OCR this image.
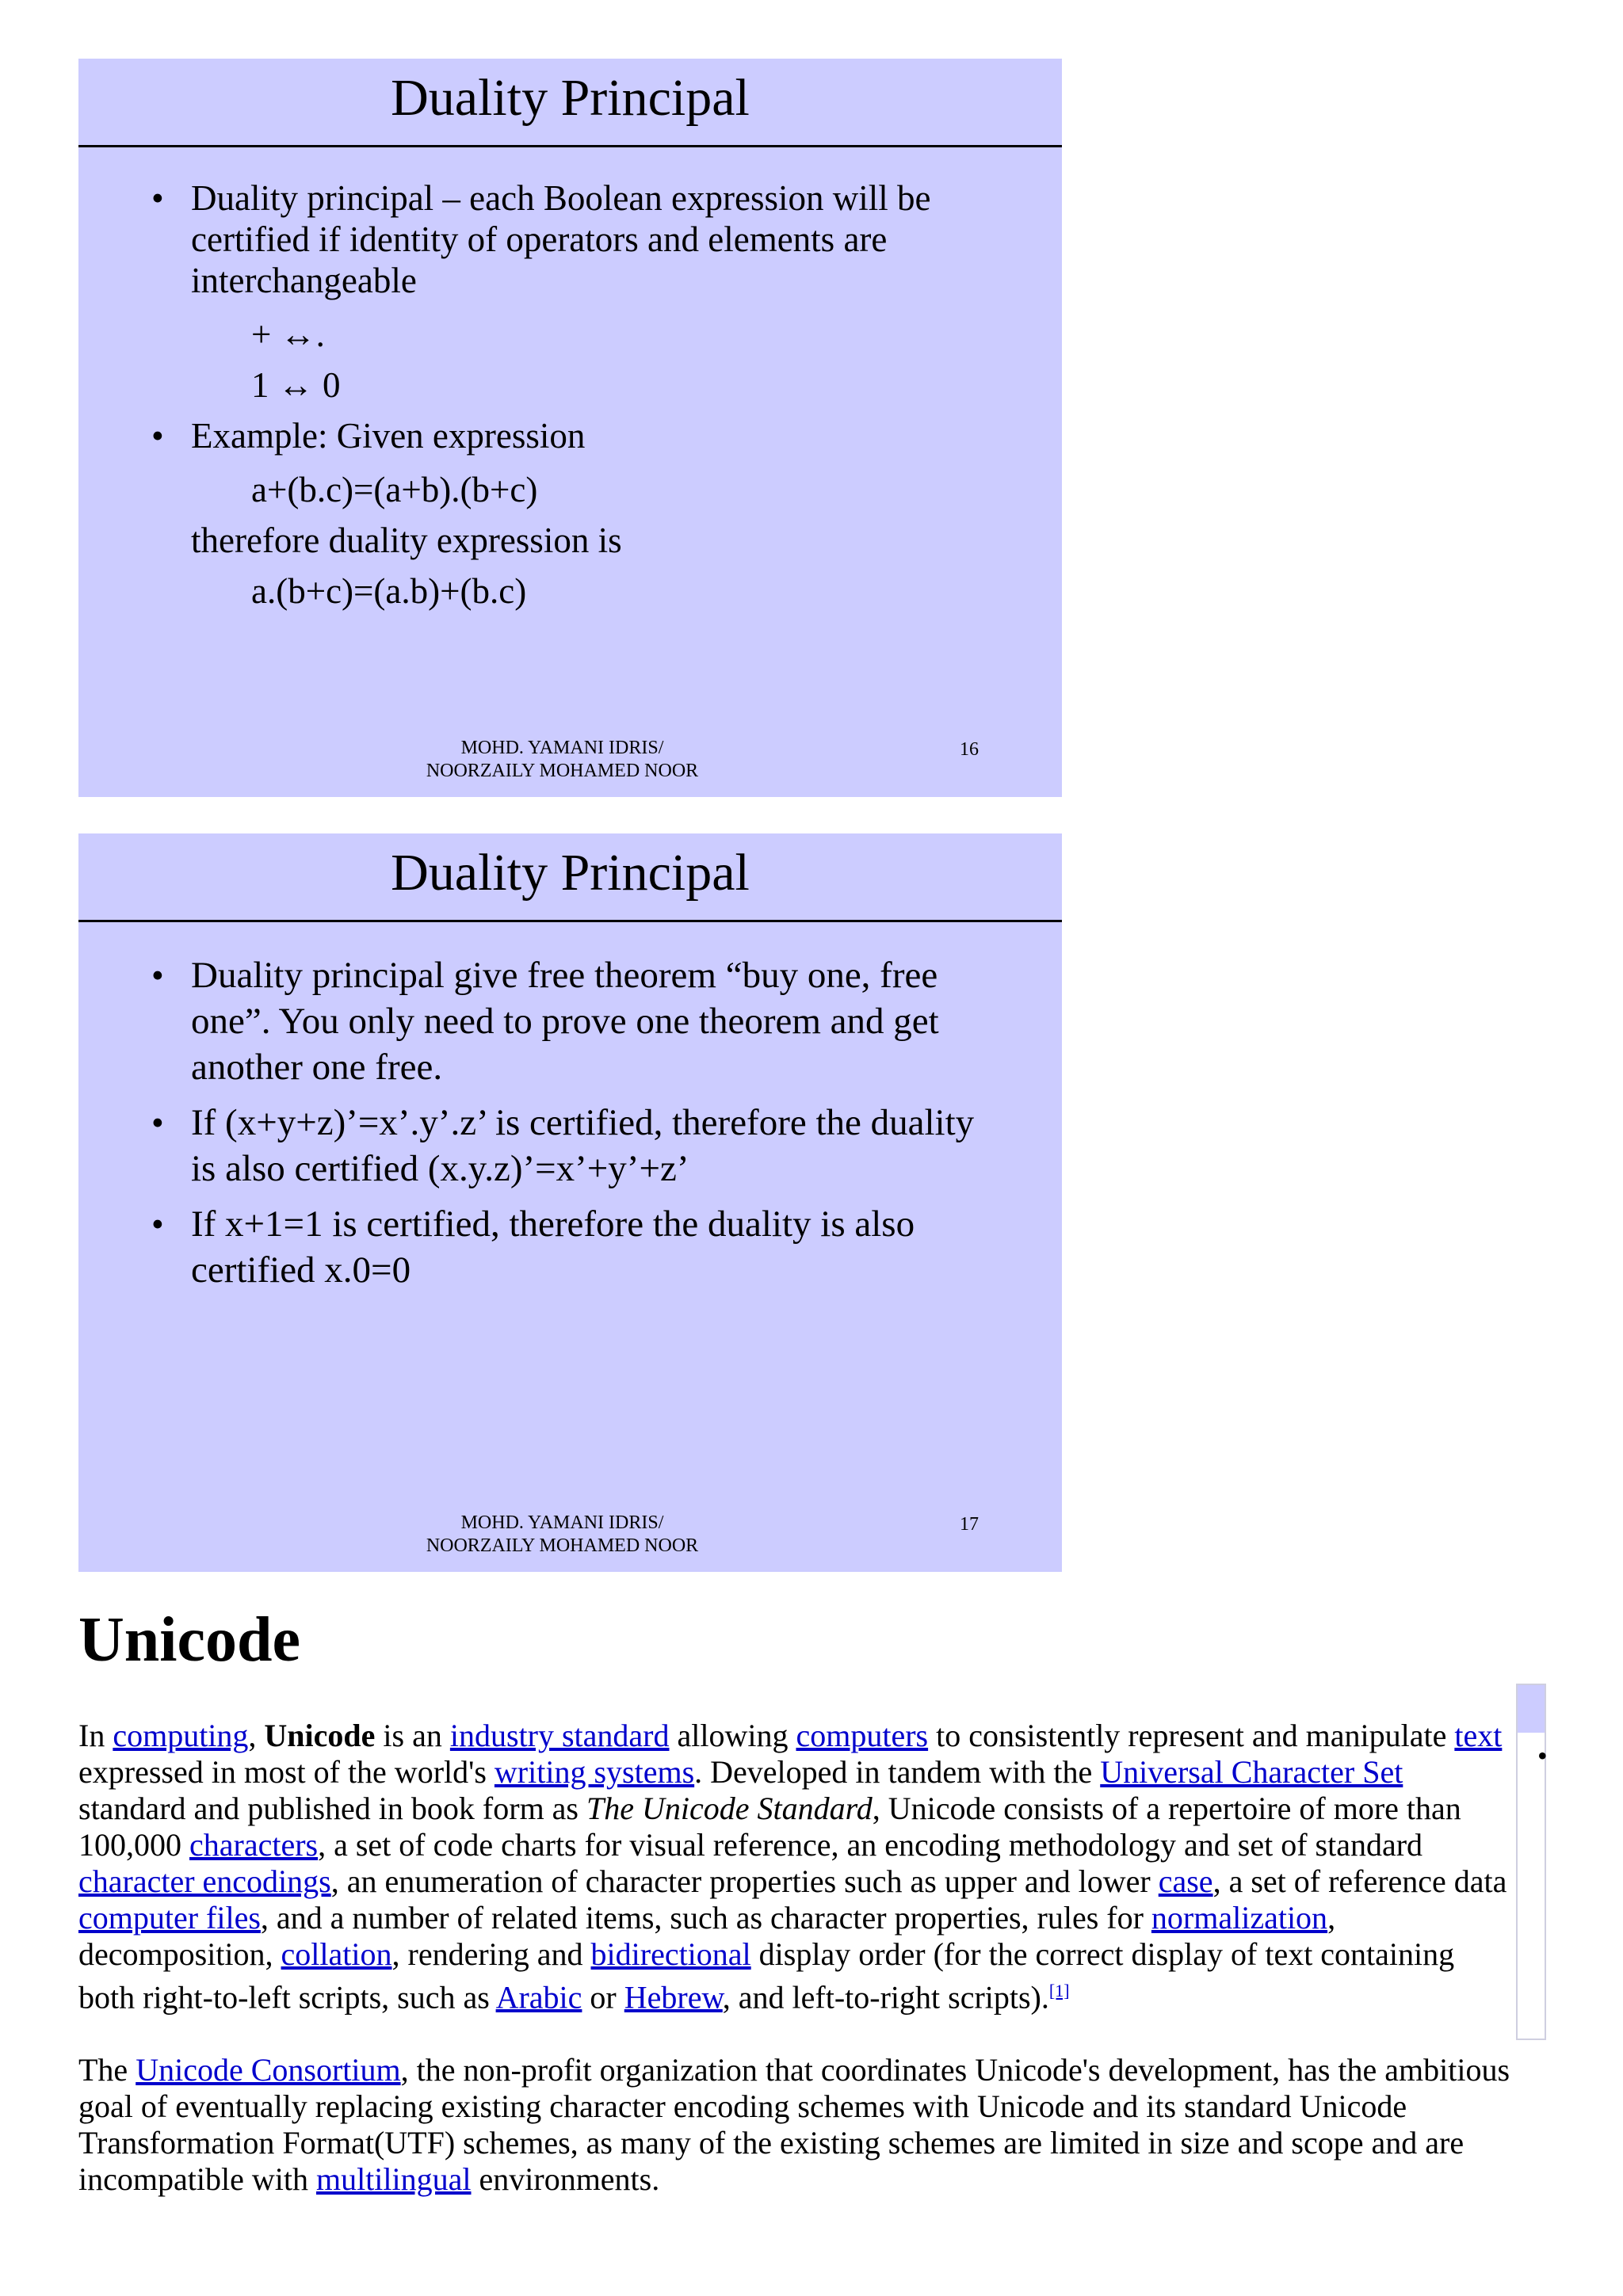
Duality Principal
• Duality principal – each Boolean expression will be certified if identity of operators and elements are interchangeable
+ ↔.
1 ↔ 0
• Example: Given expression
a+(b.c)=(a+b).(b+c)
therefore duality expression is
a.(b+c)=(a.b)+(b.c)
MOHD. YAMANI IDRIS/
NOORZAILY MOHAMED NOOR
16
Duality Principal
• Duality principal give free theorem “buy one, free one”. You only need to prove one theorem and get another one free.
• If (x+y+z)’=x’.y’.z’ is certified, therefore the duality is also certified (x.y.z)’=x’+y’+z’
• If x+1=1 is certified, therefore the duality is also certified x.0=0
MOHD. YAMANI IDRIS/
NOORZAILY MOHAMED NOOR
17
Unicode

In computing, Unicode is an industry standard allowing computers to consistently represent and manipulate text expressed in most of the world's writing systems. Developed in tandem with the Universal Character Set standard and published in book form as The Unicode Standard, Unicode consists of a repertoire of more than 100,000 characters, a set of code charts for visual reference, an encoding methodology and set of standard character encodings, an enumeration of character properties such as upper and lower case, a set of reference data computer files, and a number of related items, such as character properties, rules for normalization, decomposition, collation, rendering and bidirectional display order (for the correct display of text containing both right-to-left scripts, such as Arabic or Hebrew, and left-to-right scripts).[1]

The Unicode Consortium, the non-profit organization that coordinates Unicode's development, has the ambitious goal of eventually replacing existing character encoding schemes with Unicode and its standard Unicode Transformation Format(UTF) schemes, as many of the existing schemes are limited in size and scope and are incompatible with multilingual environments.

•
